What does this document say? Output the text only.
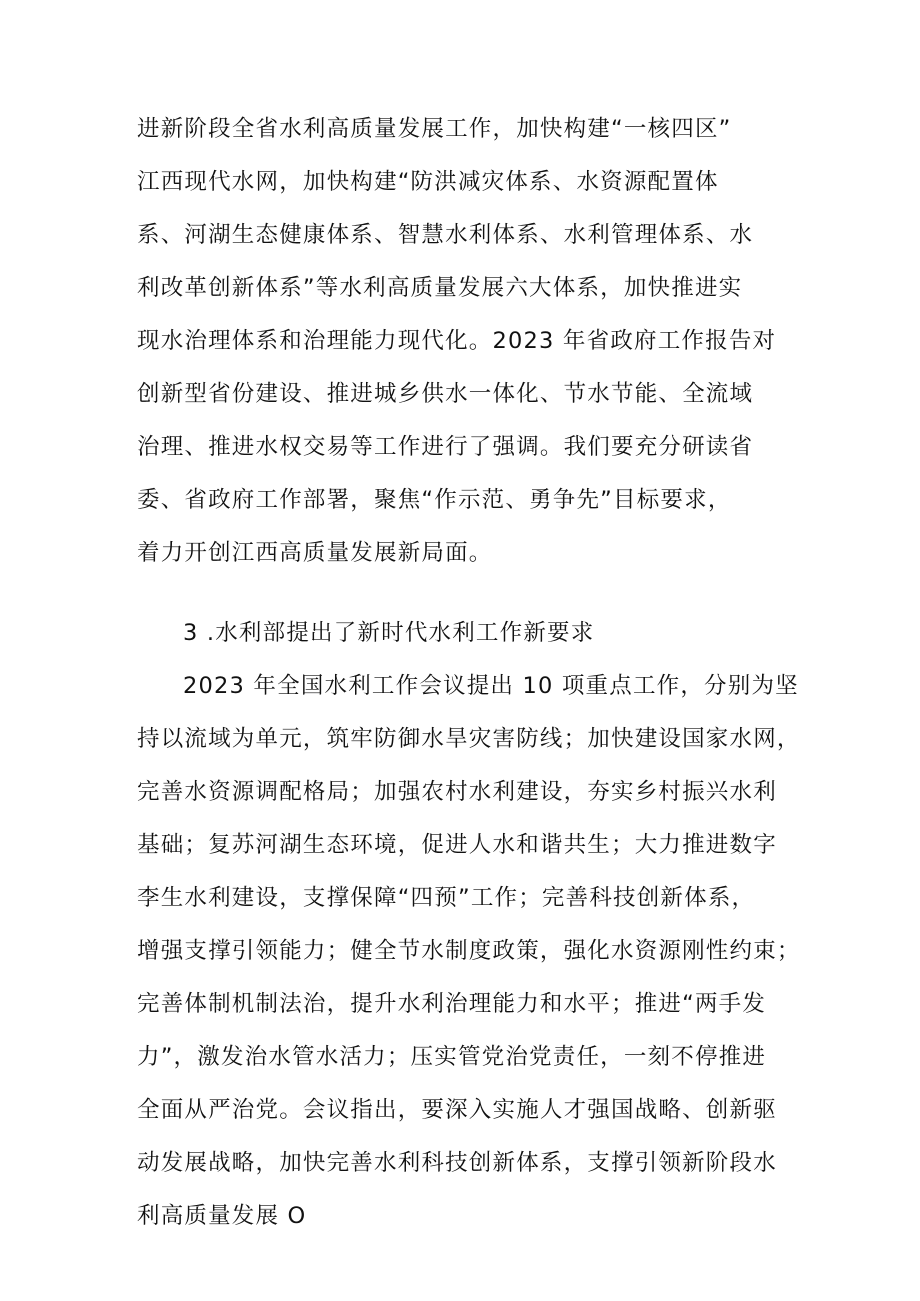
进新阶段全省水利高质量发展工作，加快构建“一核四区”
江西现代水网，加快构建“防洪减灾体系、水资源配置体
系、河湖生态健康体系、智慧水利体系、水利管理体系、水
利改革创新体系”等水利高质量发展六大体系，加快推进实
现水治理体系和治理能力现代化。2023 年省政府工作报告对
创新型省份建设、推进城乡供水一体化、节水节能、全流域
治理、推进水权交易等工作进行了强调。我们要充分研读省
委、省政府工作部署，聚焦“作示范、勇争先”目标要求，
着力开创江西高质量发展新局面。
3 .水利部提出了新时代水利工作新要求
2023 年全国水利工作会议提出 10 项重点工作，分别为坚
持以流域为单元，筑牢防御水旱灾害防线；加快建设国家水网，
完善水资源调配格局；加强农村水利建设，夯实乡村振兴水利
基础；复苏河湖生态环境，促进人水和谐共生；大力推进数字
李生水利建设，支撑保障“四预”工作；完善科技创新体系，
增强支撑引领能力；健全节水制度政策，强化水资源刚性约束；
完善体制机制法治，提升水利治理能力和水平；推进“两手发
力”，激发治水管水活力；压实管党治党责任，一刻不停推进
全面从严治党。会议指出，要深入实施人才强国战略、创新驱
动发展战略，加快完善水利科技创新体系，支撑引领新阶段水
利高质量发展 O
